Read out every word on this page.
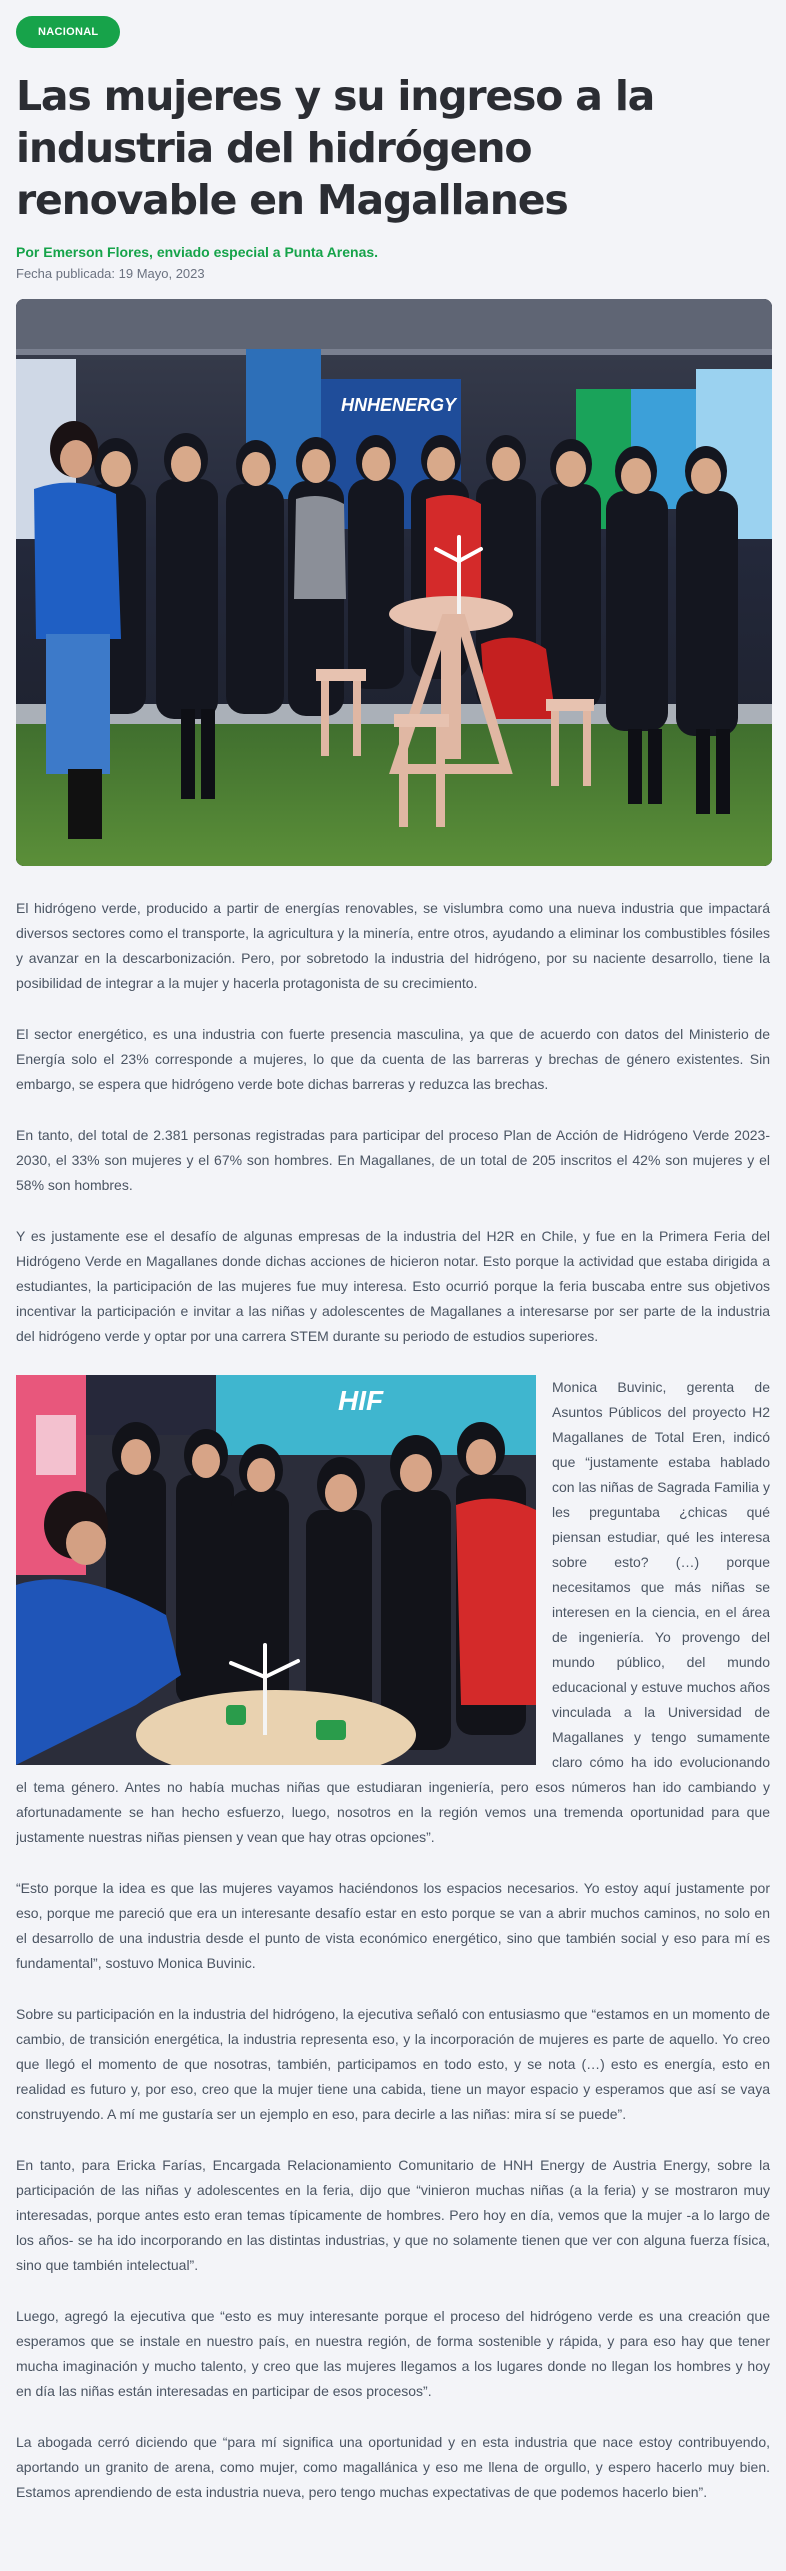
NACIONAL
Las mujeres y su ingreso a la industria del hidrógeno renovable en Magallanes
Por Emerson Flores, enviado especial a Punta Arenas.
Fecha publicada: 19 Mayo, 2023
HNHENERGY

El hidrógeno verde, producido a partir de energías renovables, se vislumbra como una nueva industria que impactará diversos sectores como el transporte, la agricultura y la minería, entre otros, ayudando a eliminar los combustibles fósiles y avanzar en la descarbonización. Pero, por sobretodo la industria del hidrógeno, por su naciente desarrollo, tiene la posibilidad de integrar a la mujer y hacerla protagonista de su crecimiento.

El sector energético, es una industria con fuerte presencia masculina, ya que de acuerdo con datos del Ministerio de Energía solo el 23% corresponde a mujeres, lo que da cuenta de las barreras y brechas de género existentes. Sin embargo, se espera que hidrógeno verde bote dichas barreras y reduzca las brechas.

En tanto, del total de 2.381 personas registradas para participar del proceso Plan de Acción de Hidrógeno Verde 2023-2030, el 33% son mujeres y el 67% son hombres. En Magallanes, de un total de 205 inscritos el 42% son mujeres y el 58% son hombres.

Y es justamente ese el desafío de algunas empresas de la industria del H2R en Chile, y fue en la Primera Feria del Hidrógeno Verde en Magallanes donde dichas acciones de hicieron notar. Esto porque la actividad que estaba dirigida a estudiantes, la participación de las mujeres fue muy interesa. Esto ocurrió porque la feria buscaba entre sus objetivos incentivar la participación e invitar a las niñas y adolescentes de Magallanes a interesarse por ser parte de la industria del hidrógeno verde y optar por una carrera STEM durante su periodo de estudios superiores.

HIF	Monica Buvinic, gerenta de Asuntos Públicos del proyecto H2 Magallanes de Total Eren, indicó que “justamente estaba hablado con las niñas de Sagrada Familia y les preguntaba ¿chicas qué piensan estudiar, qué les interesa sobre esto? (…) porque necesitamos que más niñas se interesen en la ciencia, en el área de ingeniería. Yo provengo del mundo público, del mundo educacional y estuve muchos años vinculada a la Universidad de Magallanes y tengo sumamente claro cómo ha ido evolucionando el tema género. Antes no había muchas niñas que estudiaran ingeniería, pero esos números han ido cambiando y afortunadamente se han hecho esfuerzo, luego, nosotros en la región vemos una tremenda oportunidad para que justamente nuestras niñas piensen y vean que hay otras opciones”.

“Esto porque la idea es que las mujeres vayamos haciéndonos los espacios necesarios. Yo estoy aquí justamente por eso, porque me pareció que era un interesante desafío estar en esto porque se van a abrir muchos caminos, no solo en el desarrollo de una industria desde el punto de vista económico energético, sino que también social y eso para mí es fundamental”, sostuvo Monica Buvinic.

Sobre su participación en la industria del hidrógeno, la ejecutiva señaló con entusiasmo que “estamos en un momento de cambio, de transición energética, la industria representa eso, y la incorporación de mujeres es parte de aquello. Yo creo que llegó el momento de que nosotras, también, participamos en todo esto, y se nota (…) esto es energía, esto en realidad es futuro y, por eso, creo que la mujer tiene una cabida, tiene un mayor espacio y esperamos que así se vaya construyendo. A mí me gustaría ser un ejemplo en eso, para decirle a las niñas: mira sí se puede”.

En tanto, para Ericka Farías, Encargada Relacionamiento Comunitario de HNH Energy de Austria Energy, sobre la participación de las niñas y adolescentes en la feria, dijo que “vinieron muchas niñas (a la feria) y se mostraron muy interesadas, porque antes esto eran temas típicamente de hombres. Pero hoy en día, vemos que la mujer -a lo largo de los años- se ha ido incorporando en las distintas industrias, y que no solamente tienen que ver con alguna fuerza física, sino que también intelectual”.

Luego, agregó la ejecutiva que “esto es muy interesante porque el proceso del hidrógeno verde es una creación que esperamos que se instale en nuestro país, en nuestra región, de forma sostenible y rápida, y para eso hay que tener mucha imaginación y mucho talento, y creo que las mujeres llegamos a los lugares donde no llegan los hombres y hoy en día las niñas están interesadas en participar de esos procesos”.

La abogada cerró diciendo que “para mí significa una oportunidad y en esta industria que nace estoy contribuyendo, aportando un granito de arena, como mujer, como magallánica y eso me llena de orgullo, y espero hacerlo muy bien. Estamos aprendiendo de esta industria nueva, pero tengo muchas expectativas de que podemos hacerlo bien”.
